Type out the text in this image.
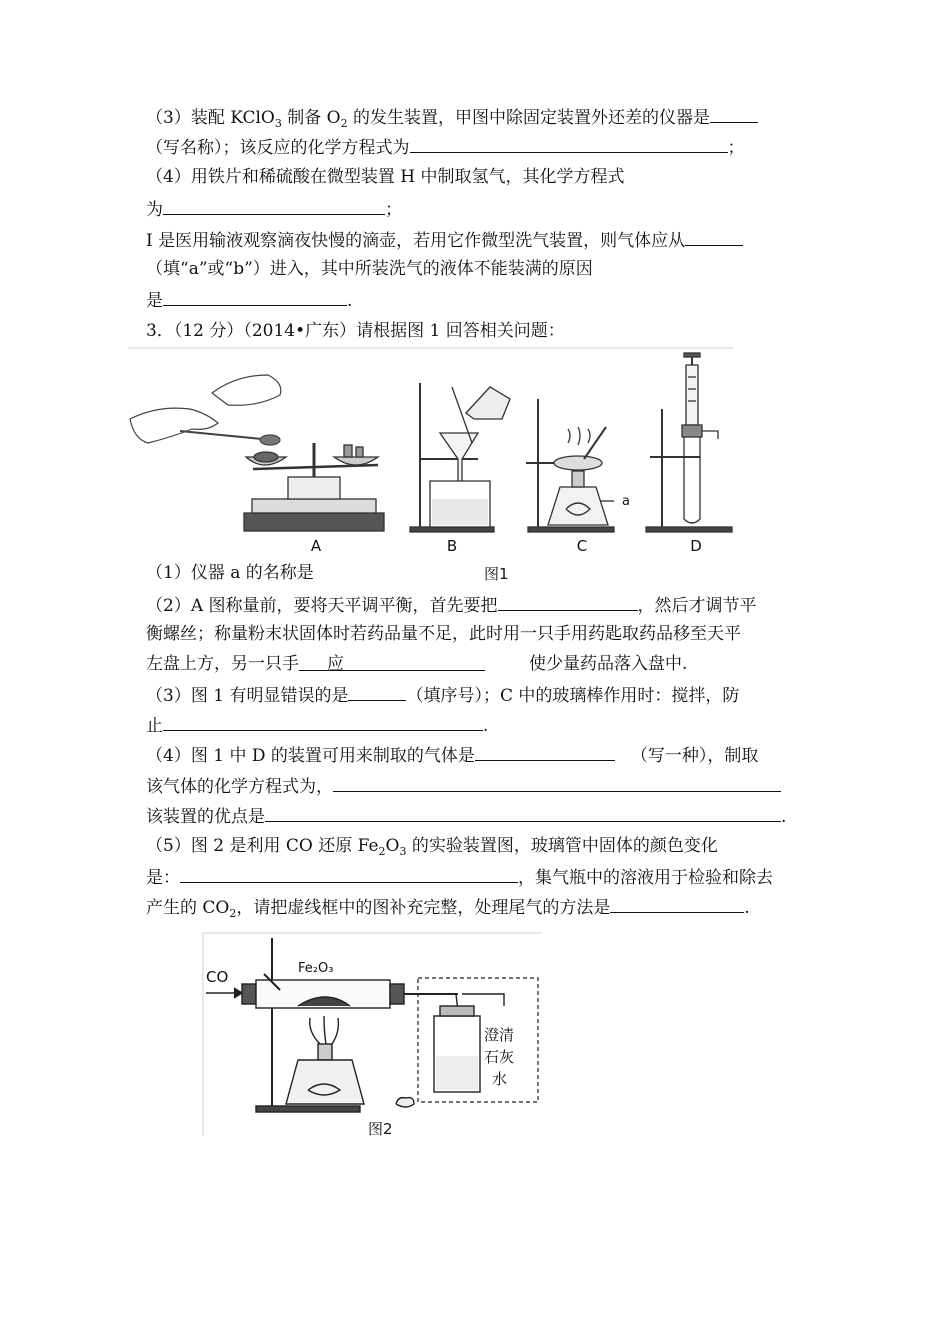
（3）装配 KClO$_3$ 制备 $O_2$ 的发生装置，甲图中除固定装置外还差的仪器是
（写名称）；该反应的化学方程式为	；
（4）用铁片和稀硫酸在微型装置 H 中制取氢气，其化学方程式
为	；
I 是医用输液观察滴夜快慢的滴壶，若用它作微型洗气装置，则气体应从
（填“a”或“b”）进入，其中所装洗气的液体不能装满的原因
是	.
3．（12 分）（2014•广东）请根据图 1 回答相关问题：
A	B
a
C	D
（1）仪器 a 的名称是	图1
（2）A 图称量前，要将天平调平衡，首先要把	，然后才调节平
衡螺丝；称量粉末状固体时若药品量不足，此时用一只手用药匙取药品移至天平
左盘上方，另一只手 应	使少量药品落入盘中.
（3）图 1 有明显错误的是	（填序号）；C 中的玻璃棒作用时：搅拌，防
止	.
（4）图 1 中 D 的装置可用来制取的气体是	（写一种），制取
该气体的化学方程式为，
该装置的优点是	.
（5）图 2 是利用 CO 还原 $Fe_2O_3$ 的实验装置图，玻璃管中固体的颜色变化
是：	，集气瓶中的溶液用于检验和除去
产生的 $CO_2$，请把虚线框中的图补充完整，处理尾气的方法是	.
CO	Fe₂O₃
澄清
石灰
水
图2
